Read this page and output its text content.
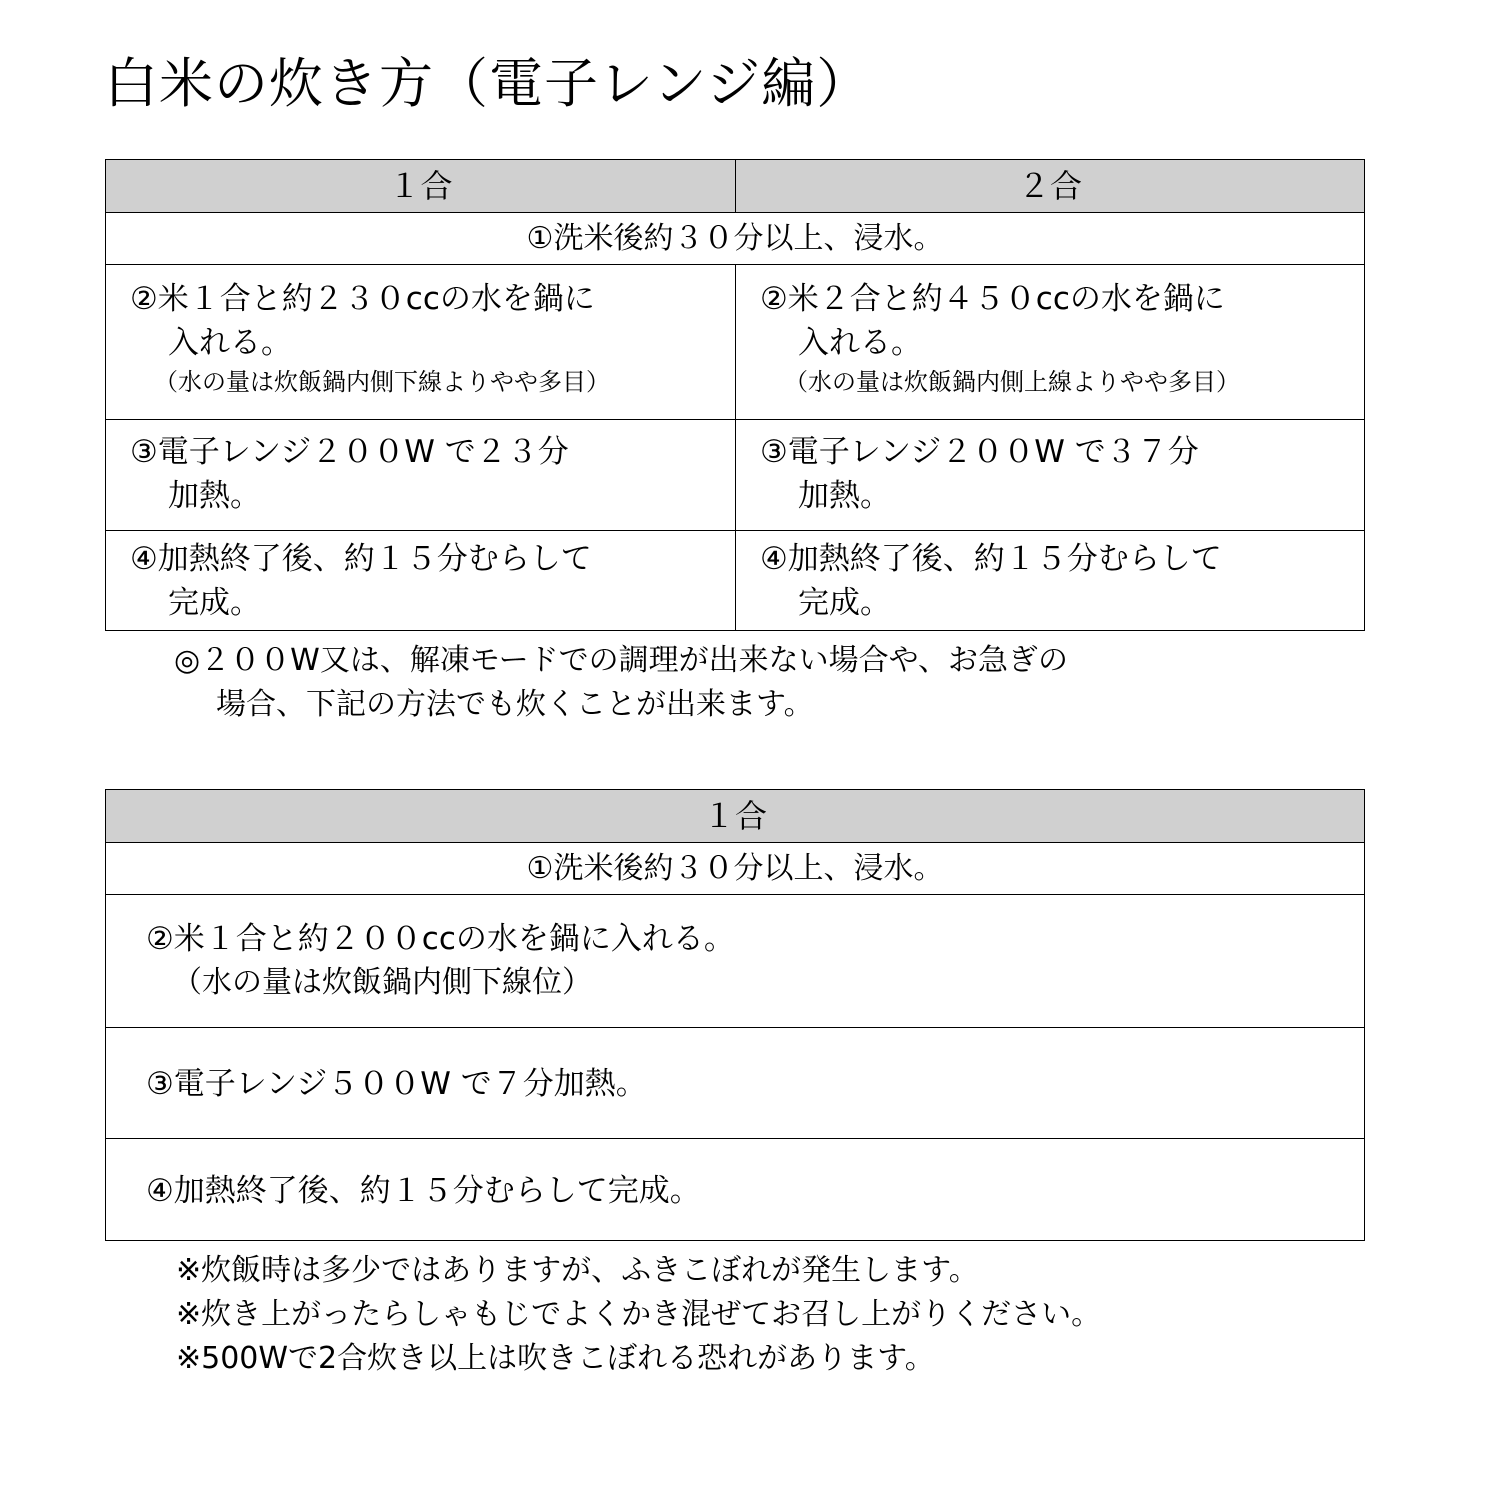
白米の炊き方（電子レンジ編）
１合	２合
①洗米後約３０分以上、浸水。
②米１合と約２３０ccの水を鍋に
入れる。
（水の量は炊飯鍋内側下線よりやや多目）
②米２合と約４５０ccの水を鍋に
入れる。
（水の量は炊飯鍋内側上線よりやや多目）
③電子レンジ２００W で２３分
加熱。
③電子レンジ２００W で３７分
加熱。
④加熱終了後、約１５分むらして
完成。
④加熱終了後、約１５分むらして
完成。
◎２００W又は、解凍モードでの調理が出来ない場合や、お急ぎの
場合、下記の方法でも炊くことが出来ます。
１合
①洗米後約３０分以上、浸水。
②米１合と約２００ccの水を鍋に入れる。
（水の量は炊飯鍋内側下線位）
③電子レンジ５００W で７分加熱。
④加熱終了後、約１５分むらして完成。
※炊飯時は多少ではありますが、ふきこぼれが発生します。
※炊き上がったらしゃもじでよくかき混ぜてお召し上がりください。
※500Wで2合炊き以上は吹きこぼれる恐れがあります。
